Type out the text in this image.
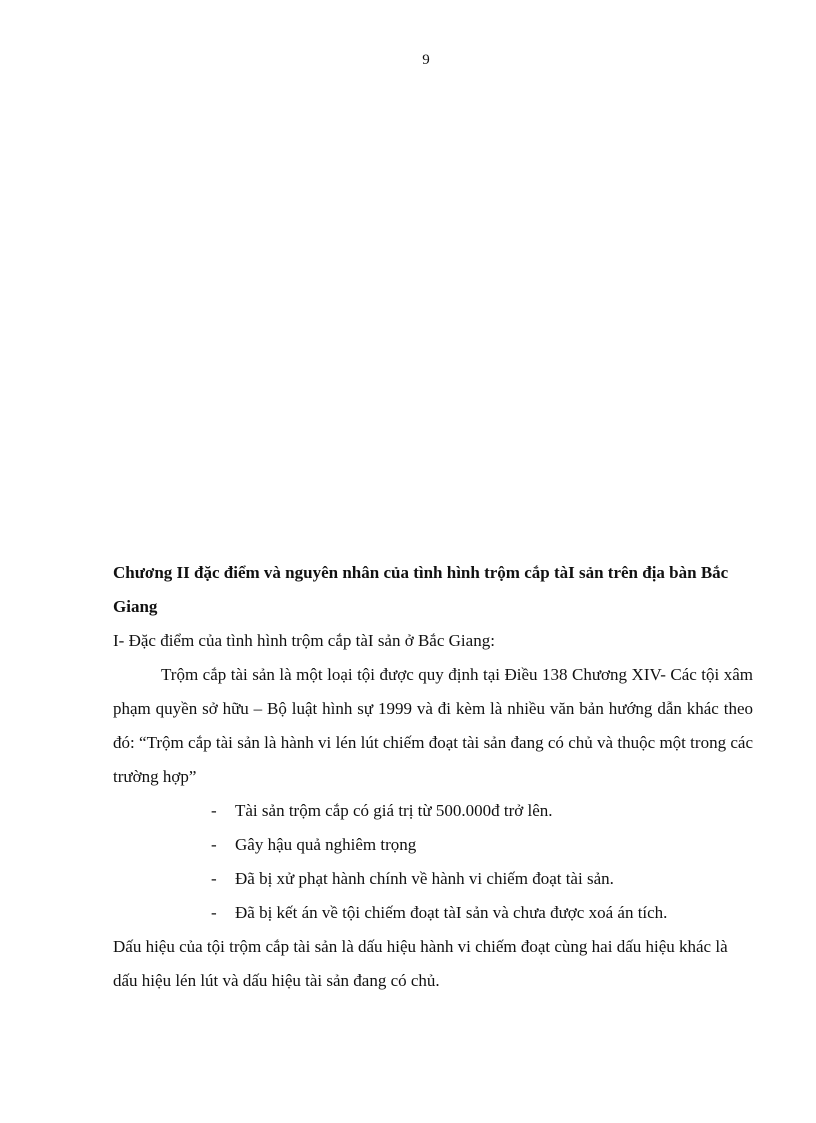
9
Chương II đặc điểm và nguyên nhân của tình hình trộm cắp tàI sản trên địa bàn Bắc Giang

I- Đặc điểm của tình hình trộm cắp tàI sản ở Bắc Giang:

Trộm cắp tài sản là một loại tội được quy định tại Điều 138 Chương XIV- Các tội xâm phạm quyền sở hữu – Bộ luật hình sự 1999 và đi kèm là nhiều văn bản hướng dẫn khác theo đó: “Trộm cắp tài sản là hành vi lén lút chiếm đoạt tài sản đang có chủ và thuộc một trong các trường hợp”

- Tài sản trộm cắp có giá trị từ 500.000đ trở lên.
- Gây hậu quả nghiêm trọng
- Đã bị xử phạt hành chính về hành vi chiếm đoạt tài sản.
- Đã bị kết án về tội chiếm đoạt tàI sản và chưa được xoá án tích.

Dấu hiệu của tội trộm cắp tài sản là dấu hiệu hành vi chiếm đoạt cùng hai dấu hiệu khác là dấu hiệu lén lút và dấu hiệu tài sản đang có chủ.
